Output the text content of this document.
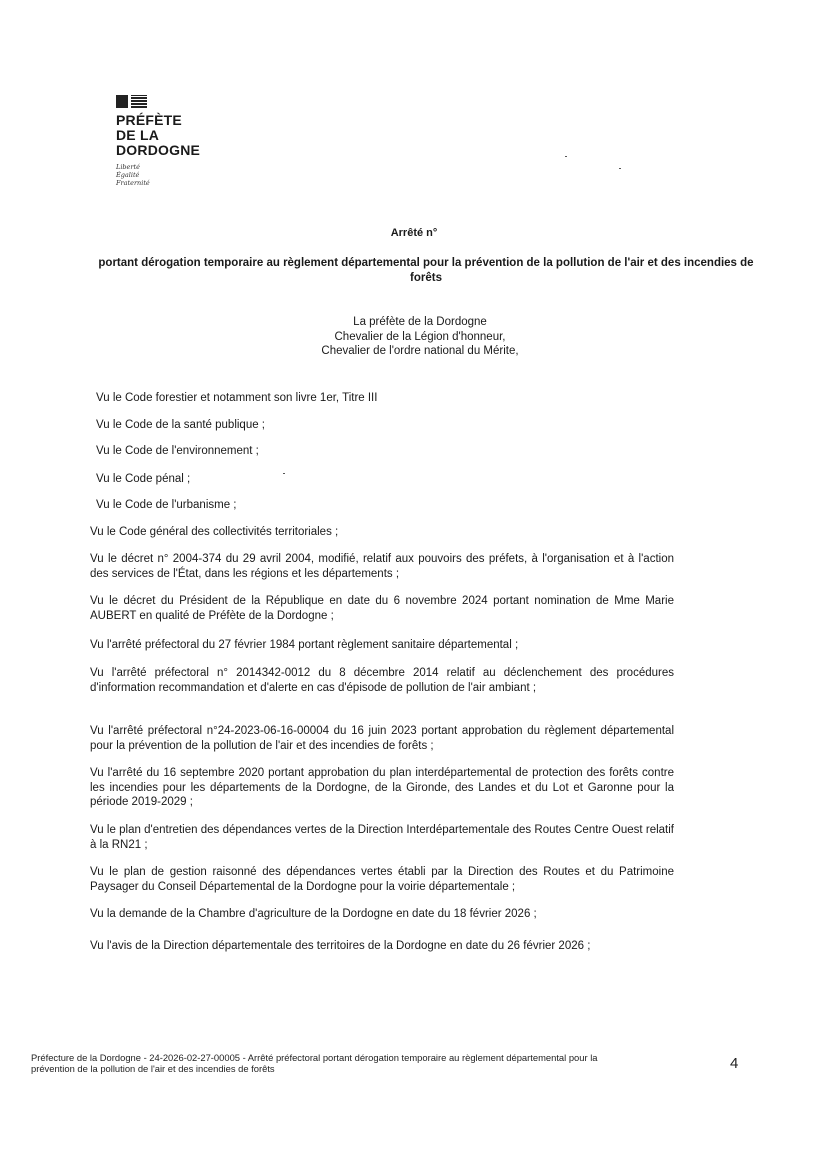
PRÉFÈTE
DE LA
DORDOGNE
Liberté
Égalité
Fraternité
Arrêté n°
portant dérogation temporaire au règlement départemental pour la prévention de la pollution de l'air et des incendies de forêts
La préfète de la Dordogne
Chevalier de la Légion d'honneur,
Chevalier de l'ordre national du Mérite,
Vu le Code forestier et notamment son livre 1er, Titre III
Vu le Code de la santé publique ;
Vu le Code de l'environnement ;
Vu le Code pénal ;
Vu le Code de l'urbanisme ;
Vu le Code général des collectivités territoriales ;
Vu le décret n° 2004-374 du 29 avril 2004, modifié, relatif aux pouvoirs des préfets, à l'organisation et à l'action des services de l'État, dans les régions et les départements ;
Vu le décret du Président de la République en date du 6 novembre 2024 portant nomination de Mme Marie AUBERT en qualité de Préfète de la Dordogne ;
Vu l'arrêté préfectoral du 27 février 1984 portant règlement sanitaire départemental ;
Vu l'arrêté préfectoral n° 2014342-0012 du 8 décembre 2014 relatif au déclenchement des procédures d'information recommandation et d'alerte en cas d'épisode de pollution de l'air ambiant ;
Vu l'arrêté préfectoral n°24-2023-06-16-00004 du 16 juin 2023 portant approbation du règlement départemental pour la prévention de la pollution de l'air et des incendies de forêts ;
Vu l'arrêté du 16 septembre 2020 portant approbation du plan interdépartemental de protection des forêts contre les incendies pour les départements de la Dordogne, de la Gironde, des Landes et du Lot et Garonne pour la période 2019-2029 ;
Vu le plan d'entretien des dépendances vertes de la Direction Interdépartementale des Routes Centre Ouest relatif à la RN21 ;
Vu le plan de gestion raisonné des dépendances vertes établi par la Direction des Routes et du Patrimoine Paysager du Conseil Départemental de la Dordogne pour la voirie départementale ;
Vu la demande de la Chambre d'agriculture de la Dordogne en date du 18 février 2026 ;
Vu l'avis de la Direction départementale des territoires de la Dordogne en date du 26 février 2026 ;
Préfecture de la Dordogne - 24-2026-02-27-00005 - Arrêté préfectoral portant dérogation temporaire au règlement départemental pour la
prévention de la pollution de l'air et des incendies de forêts	4
